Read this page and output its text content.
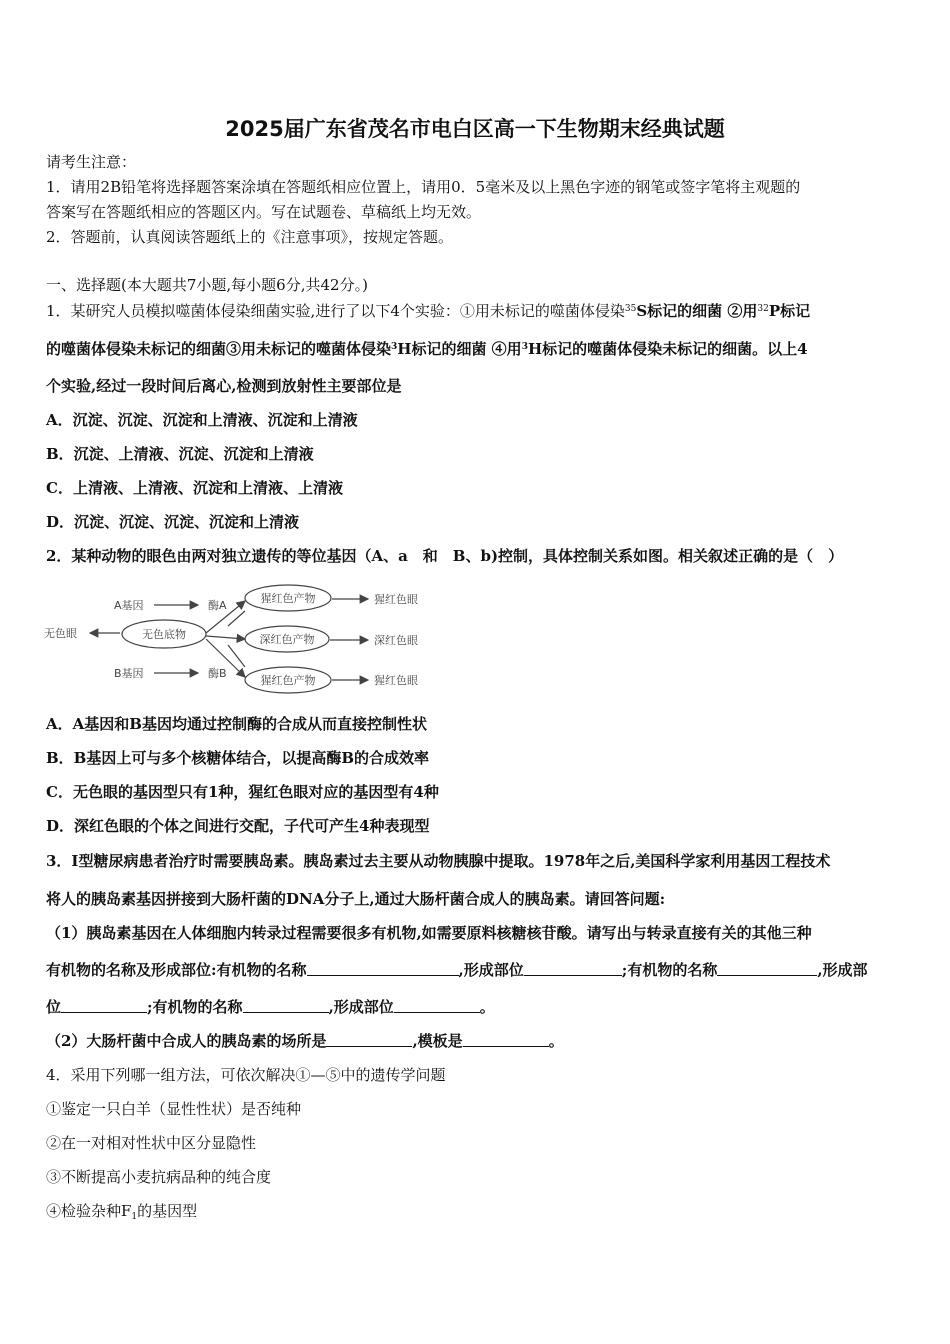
2025届广东省茂名市电白区高一下生物期末经典试题
请考生注意：
1．请用2B铅笔将选择题答案涂填在答题纸相应位置上，请用0．5毫米及以上黑色字迹的钢笔或签字笔将主观题的
答案写在答题纸相应的答题区内。写在试题卷、草稿纸上均无效。
2．答题前，认真阅读答题纸上的《注意事项》，按规定答题。
一、选择题(本大题共7小题,每小题6分,共42分。)
1．某研究人员模拟噬菌体侵染细菌实验,进行了以下4个实验：①用未标记的噬菌体侵染$^{35}$S标记的细菌 ②用$^{32}$P标记
的噬菌体侵染未标记的细菌③用未标记的噬菌体侵染$^3$H标记的细菌 ④用$^3$H标记的噬菌体侵染未标记的细菌。以上4
个实验,经过一段时间后离心,检测到放射性主要部位是
A．沉淀、沉淀、沉淀和上清液、沉淀和上清液
B．沉淀、上清液、沉淀、沉淀和上清液
C．上清液、上清液、沉淀和上清液、上清液
D．沉淀、沉淀、沉淀、沉淀和上清液
2．某种动物的眼色由两对独立遗传的等位基因（A、a　和　B、b)控制，具体控制关系如图。相关叙述正确的是（　）
A基因	酶A
B基因	酶B
无色眼	无色底物
猩红色产物
深红色产物
猩红色产物
猩红色眼
深红色眼
猩红色眼
A．A基因和B基因均通过控制酶的合成从而直接控制性状
B．B基因上可与多个核糖体结合，以提高酶B的合成效率
C．无色眼的基因型只有1种，猩红色眼对应的基因型有4种
D．深红色眼的个体之间进行交配，子代可产生4种表现型
3．Ⅰ型糖尿病患者治疗时需要胰岛素。胰岛素过去主要从动物胰腺中提取。1978年之后,美国科学家利用基因工程技术
将人的胰岛素基因拼接到大肠杆菌的DNA分子上,通过大肠杆菌合成人的胰岛素。请回答问题:
（1）胰岛素基因在人体细胞内转录过程需要很多有机物,如需要原料核糖核苷酸。请写出与转录直接有关的其他三种
有机物的名称及形成部位:有机物的名称	,形成部位	;有机物的名称	,形成部
位	;有机物的名称	,形成部位	。
（2）大肠杆菌中合成人的胰岛素的场所是	,模板是	。
4．采用下列哪一组方法，可依次解决①—⑤中的遗传学问题
①鉴定一只白羊（显性性状）是否纯种
②在一对相对性状中区分显隐性
③不断提高小麦抗病品种的纯合度
④检验杂种$F_1$的基因型
